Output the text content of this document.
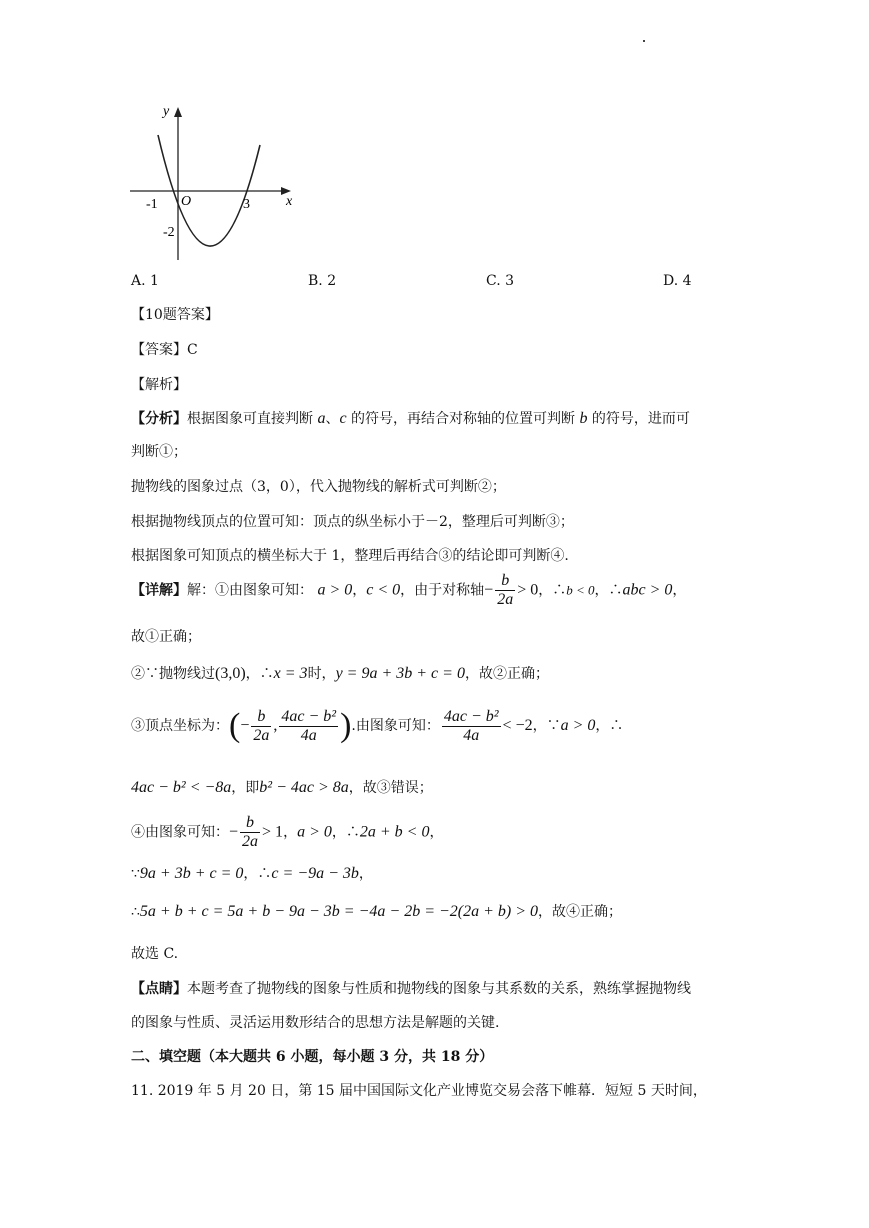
y
x
O
-1	3
-2
A. 1	B. 2	C. 3	D. 4
【10题答案】
【答案】C
【解析】
【分析】根据图象可直接判断 a、c 的符号，再结合对称轴的位置可判断 b 的符号，进而可
判断①；
抛物线的图象过点（3，0），代入抛物线的解析式可判断②；
根据抛物线顶点的位置可知：顶点的纵坐标小于－2，整理后可判断③；
根据图象可知顶点的横坐标大于 1，整理后再结合③的结论即可判断④.
【详解】解：①由图象可知： a > 0，c < 0，由于对称轴− $\frac{b}{2a} > 0$，∴b < 0，∴abc > 0，
故①正确；
②∵抛物线过(3,0)，∴x = 3时，y = 9a + 3b + c = 0，故②正确；
③顶点坐标为：(− $\frac{b}{2a}$ , $\frac{\text{4ac − b²}}{4a}$ ).由图象可知： $\frac{\text{4ac − b²}}{4a} < -2$，∵a > 0，∴
4ac − b² < −8a，即b² − 4ac > 8a，故③错误；
④由图象可知：− $\frac{b}{2a} > 1$，a > 0，∴2a + b < 0，
∵9a + 3b + c = 0，∴c = −9a − 3b，
∴5a + b + c = 5a + b − 9a − 3b = −4a − 2b = −2(2a + b) > 0，故④正确；
故选 C.
【点睛】本题考查了抛物线的图象与性质和抛物线的图象与其系数的关系，熟练掌握抛物线
的图象与性质、灵活运用数形结合的思想方法是解题的关键.
二、填空题（本大题共 6 小题，每小题 3 分，共 18 分）
11. 2019 年 5 月 20 日，第 15 届中国国际文化产业博览交易会落下帷幕．短短 5 天时间，
